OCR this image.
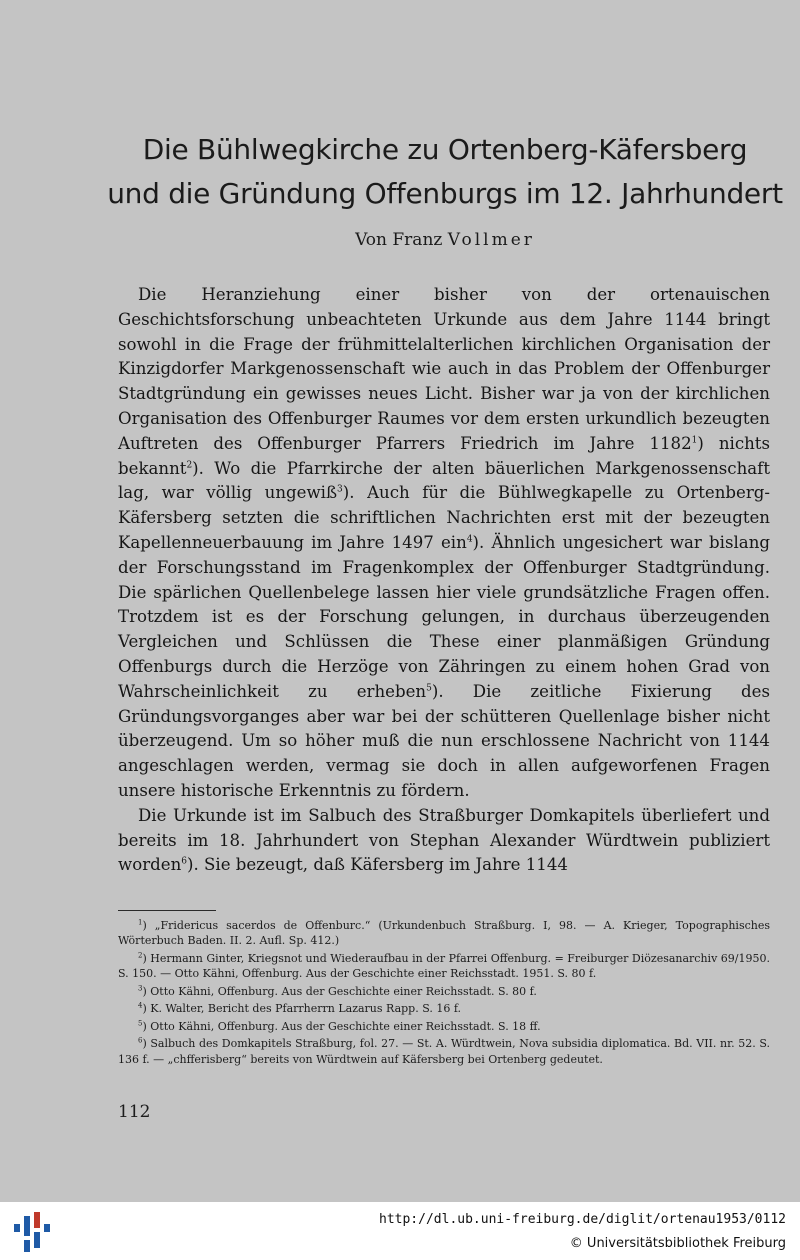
Die Bühlwegkirche zu Ortenberg-Käfersberg
und die Gründung Offenburgs im 12. Jahrhundert
Von Franz Vollmer

Die Heranziehung einer bisher von der ortenauischen Geschichtsforschung unbeachteten Urkunde aus dem Jahre 1144 bringt sowohl in die Frage der frühmittelalterlichen kirchlichen Organisation der Kinzigdorfer Markgenossenschaft wie auch in das Problem der Offenburger Stadtgründung ein gewisses neues Licht. Bisher war ja von der kirchlichen Organisation des Offenburger Raumes vor dem ersten urkundlich bezeugten Auftreten des Offenburger Pfarrers Friedrich im Jahre 1182$^1$) nichts bekannt$^2$). Wo die Pfarrkirche der alten bäuerlichen Markgenossenschaft lag, war völlig ungewiß$^3$). Auch für die Bühlwegkapelle zu Ortenberg-Käfersberg setzten die schriftlichen Nachrichten erst mit der bezeugten Kapellenneuerbauung im Jahre 1497 ein$^4$). Ähnlich ungesichert war bislang der Forschungsstand im Fragenkomplex der Offenburger Stadtgründung. Die spärlichen Quellenbelege lassen hier viele grundsätzliche Fragen offen. Trotzdem ist es der Forschung gelungen, in durchaus überzeugenden Vergleichen und Schlüssen die These einer planmäßigen Gründung Offenburgs durch die Herzöge von Zähringen zu einem hohen Grad von Wahrscheinlichkeit zu erheben$^5$). Die zeitliche Fixierung des Gründungsvorganges aber war bei der schütteren Quellenlage bisher nicht überzeugend. Um so höher muß die nun erschlossene Nachricht von 1144 angeschlagen werden, vermag sie doch in allen aufgeworfenen Fragen unsere historische Erkenntnis zu fördern.

Die Urkunde ist im Salbuch des Straßburger Domkapitels überliefert und bereits im 18. Jahrhundert von Stephan Alexander Würdtwein publiziert worden$^6$). Sie bezeugt, daß Käfersberg im Jahre 1144

$^1$) „Fridericus sacerdos de Offenburc.“ (Urkundenbuch Straßburg. I, 98. — A. Krieger, Topographisches Wörterbuch Baden. II. 2. Aufl. Sp. 412.)
$^2$) Hermann Ginter, Kriegsnot und Wiederaufbau in der Pfarrei Offenburg. = Freiburger Diözesanarchiv 69/1950. S. 150. — Otto Kähni, Offenburg. Aus der Geschichte einer Reichsstadt. 1951. S. 80 f.
$^3$) Otto Kähni, Offenburg. Aus der Geschichte einer Reichsstadt. S. 80 f.
$^4$) K. Walter, Bericht des Pfarrherrn Lazarus Rapp. S. 16 f.
$^5$) Otto Kähni, Offenburg. Aus der Geschichte einer Reichsstadt. S. 18 ff.
$^6$) Salbuch des Domkapitels Straßburg, fol. 27. — St. A. Würdtwein, Nova subsidia diplomatica. Bd. VII. nr. 52. S. 136 f. — „chfferisberg“ bereits von Würdtwein auf Käfersberg bei Ortenberg gedeutet.
112
http://dl.ub.uni-freiburg.de/diglit/ortenau1953/0112
© Universitätsbibliothek Freiburg
